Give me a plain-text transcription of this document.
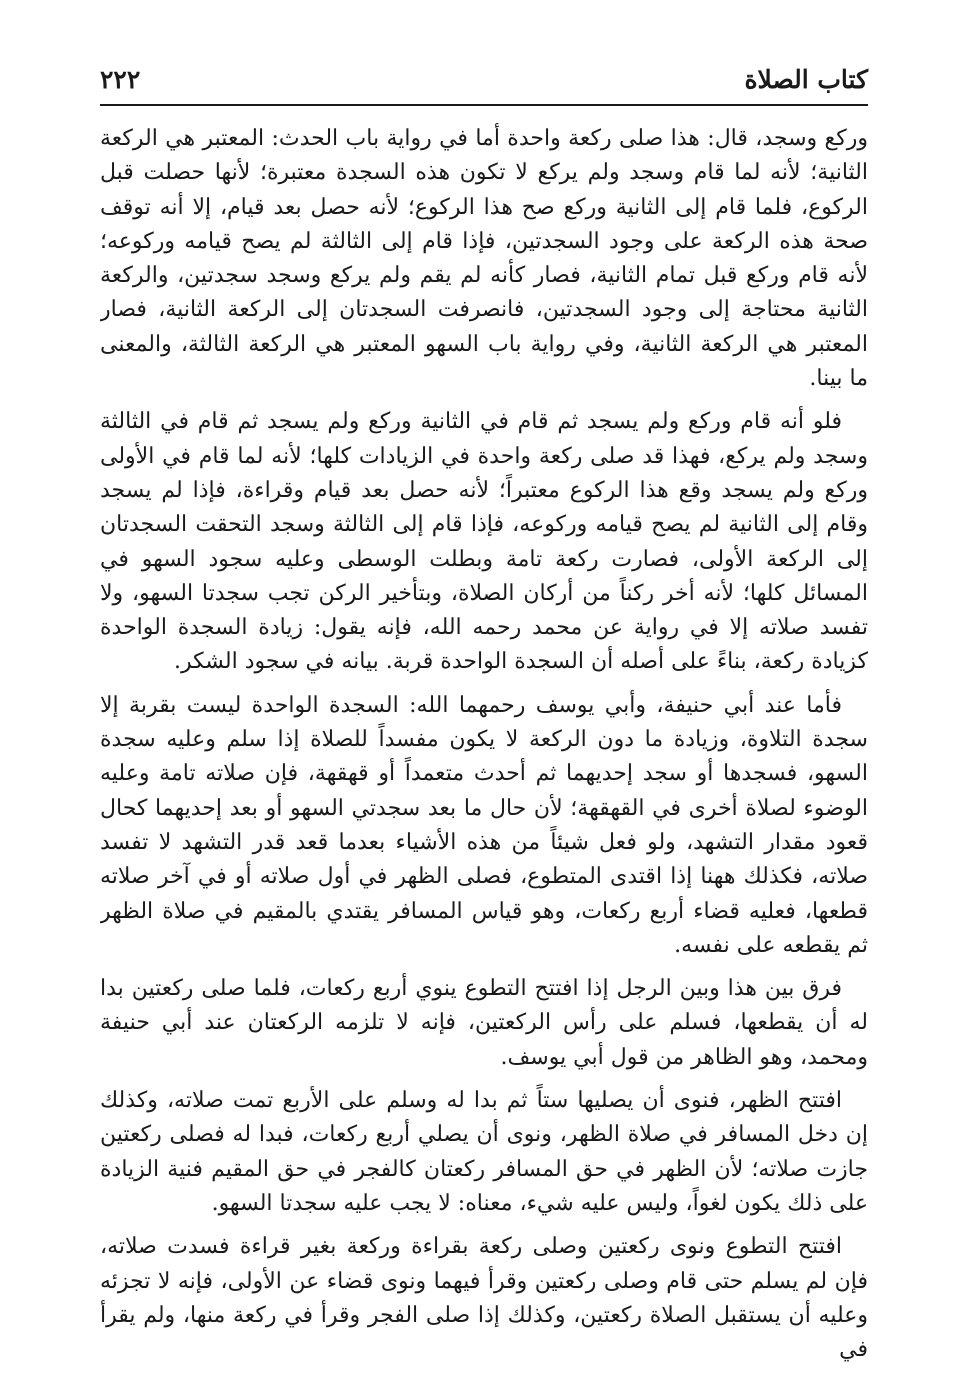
كتاب الصلاة
٢٢٢

وركع وسجد، قال: هذا صلى ركعة واحدة أما في رواية باب الحدث: المعتبر هي الركعة الثانية؛ لأنه لما قام وسجد ولم يركع لا تكون هذه السجدة معتبرة؛ لأنها حصلت قبل الركوع، فلما قام إلى الثانية وركع صح هذا الركوع؛ لأنه حصل بعد قيام، إلا أنه توقف صحة هذه الركعة على وجود السجدتين، فإذا قام إلى الثالثة لم يصح قيامه وركوعه؛ لأنه قام وركع قبل تمام الثانية، فصار كأنه لم يقم ولم يركع وسجد سجدتين، والركعة الثانية محتاجة إلى وجود السجدتين، فانصرفت السجدتان إلى الركعة الثانية، فصار المعتبر هي الركعة الثانية، وفي رواية باب السهو المعتبر هي الركعة الثالثة، والمعنى ما بينا.

فلو أنه قام وركع ولم يسجد ثم قام في الثانية وركع ولم يسجد ثم قام في الثالثة وسجد ولم يركع، فهذا قد صلى ركعة واحدة في الزيادات كلها؛ لأنه لما قام في الأولى وركع ولم يسجد وقع هذا الركوع معتبراً؛ لأنه حصل بعد قيام وقراءة، فإذا لم يسجد وقام إلى الثانية لم يصح قيامه وركوعه، فإذا قام إلى الثالثة وسجد التحقت السجدتان إلى الركعة الأولى، فصارت ركعة تامة وبطلت الوسطى وعليه سجود السهو في المسائل كلها؛ لأنه أخر ركناً من أركان الصلاة، وبتأخير الركن تجب سجدتا السهو، ولا تفسد صلاته إلا في رواية عن محمد رحمه الله، فإنه يقول: زيادة السجدة الواحدة كزيادة ركعة، بناءً على أصله أن السجدة الواحدة قربة. بيانه في سجود الشكر.

فأما عند أبي حنيفة، وأبي يوسف رحمهما الله: السجدة الواحدة ليست بقربة إلا سجدة التلاوة، وزيادة ما دون الركعة لا يكون مفسداً للصلاة إذا سلم وعليه سجدة السهو، فسجدها أو سجد إحديهما ثم أحدث متعمداً أو قهقهة، فإن صلاته تامة وعليه الوضوء لصلاة أخرى في القهقهة؛ لأن حال ما بعد سجدتي السهو أو بعد إحديهما كحال قعود مقدار التشهد، ولو فعل شيئاً من هذه الأشياء بعدما قعد قدر التشهد لا تفسد صلاته، فكذلك ههنا إذا اقتدى المتطوع، فصلى الظهر في أول صلاته أو في آخر صلاته قطعها، فعليه قضاء أربع ركعات، وهو قياس المسافر يقتدي بالمقيم في صلاة الظهر ثم يقطعه على نفسه.

فرق بين هذا وبين الرجل إذا افتتح التطوع ينوي أربع ركعات، فلما صلى ركعتين بدا له أن يقطعها، فسلم على رأس الركعتين، فإنه لا تلزمه الركعتان عند أبي حنيفة ومحمد، وهو الظاهر من قول أبي يوسف.

افتتح الظهر، فنوى أن يصليها ستاً ثم بدا له وسلم على الأربع تمت صلاته، وكذلك إن دخل المسافر في صلاة الظهر، ونوى أن يصلي أربع ركعات، فبدا له فصلى ركعتين جازت صلاته؛ لأن الظهر في حق المسافر ركعتان كالفجر في حق المقيم فنية الزيادة على ذلك يكون لغواً، وليس عليه شيء، معناه: لا يجب عليه سجدتا السهو.

افتتح التطوع ونوى ركعتين وصلى ركعة بقراءة وركعة بغير قراءة فسدت صلاته، فإن لم يسلم حتى قام وصلى ركعتين وقرأ فيهما ونوى قضاء عن الأولى، فإنه لا تجزئه وعليه أن يستقبل الصلاة ركعتين، وكذلك إذا صلى الفجر وقرأ في ركعة منها، ولم يقرأ في
